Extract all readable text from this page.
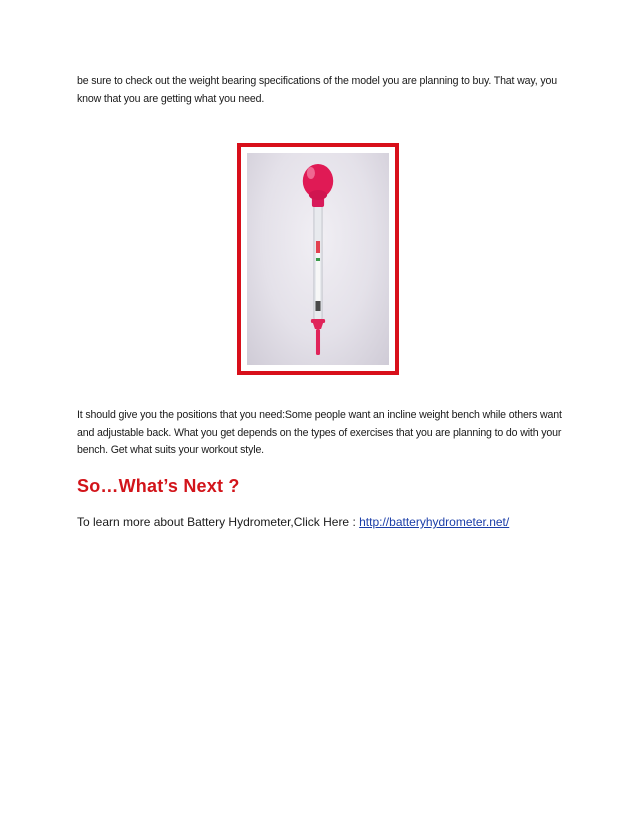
be sure to check out the weight bearing specifications of the model you are planning to buy. That way, you know that you are getting what you need.

It should give you the positions that you need:Some people want an incline weight bench while others want and adjustable back. What you get depends on the types of exercises that you are planning to do with your bench. Get what suits your workout style.

So…What’s Next ?

To learn more about Battery Hydrometer,Click Here : http://batteryhydrometer.net/
